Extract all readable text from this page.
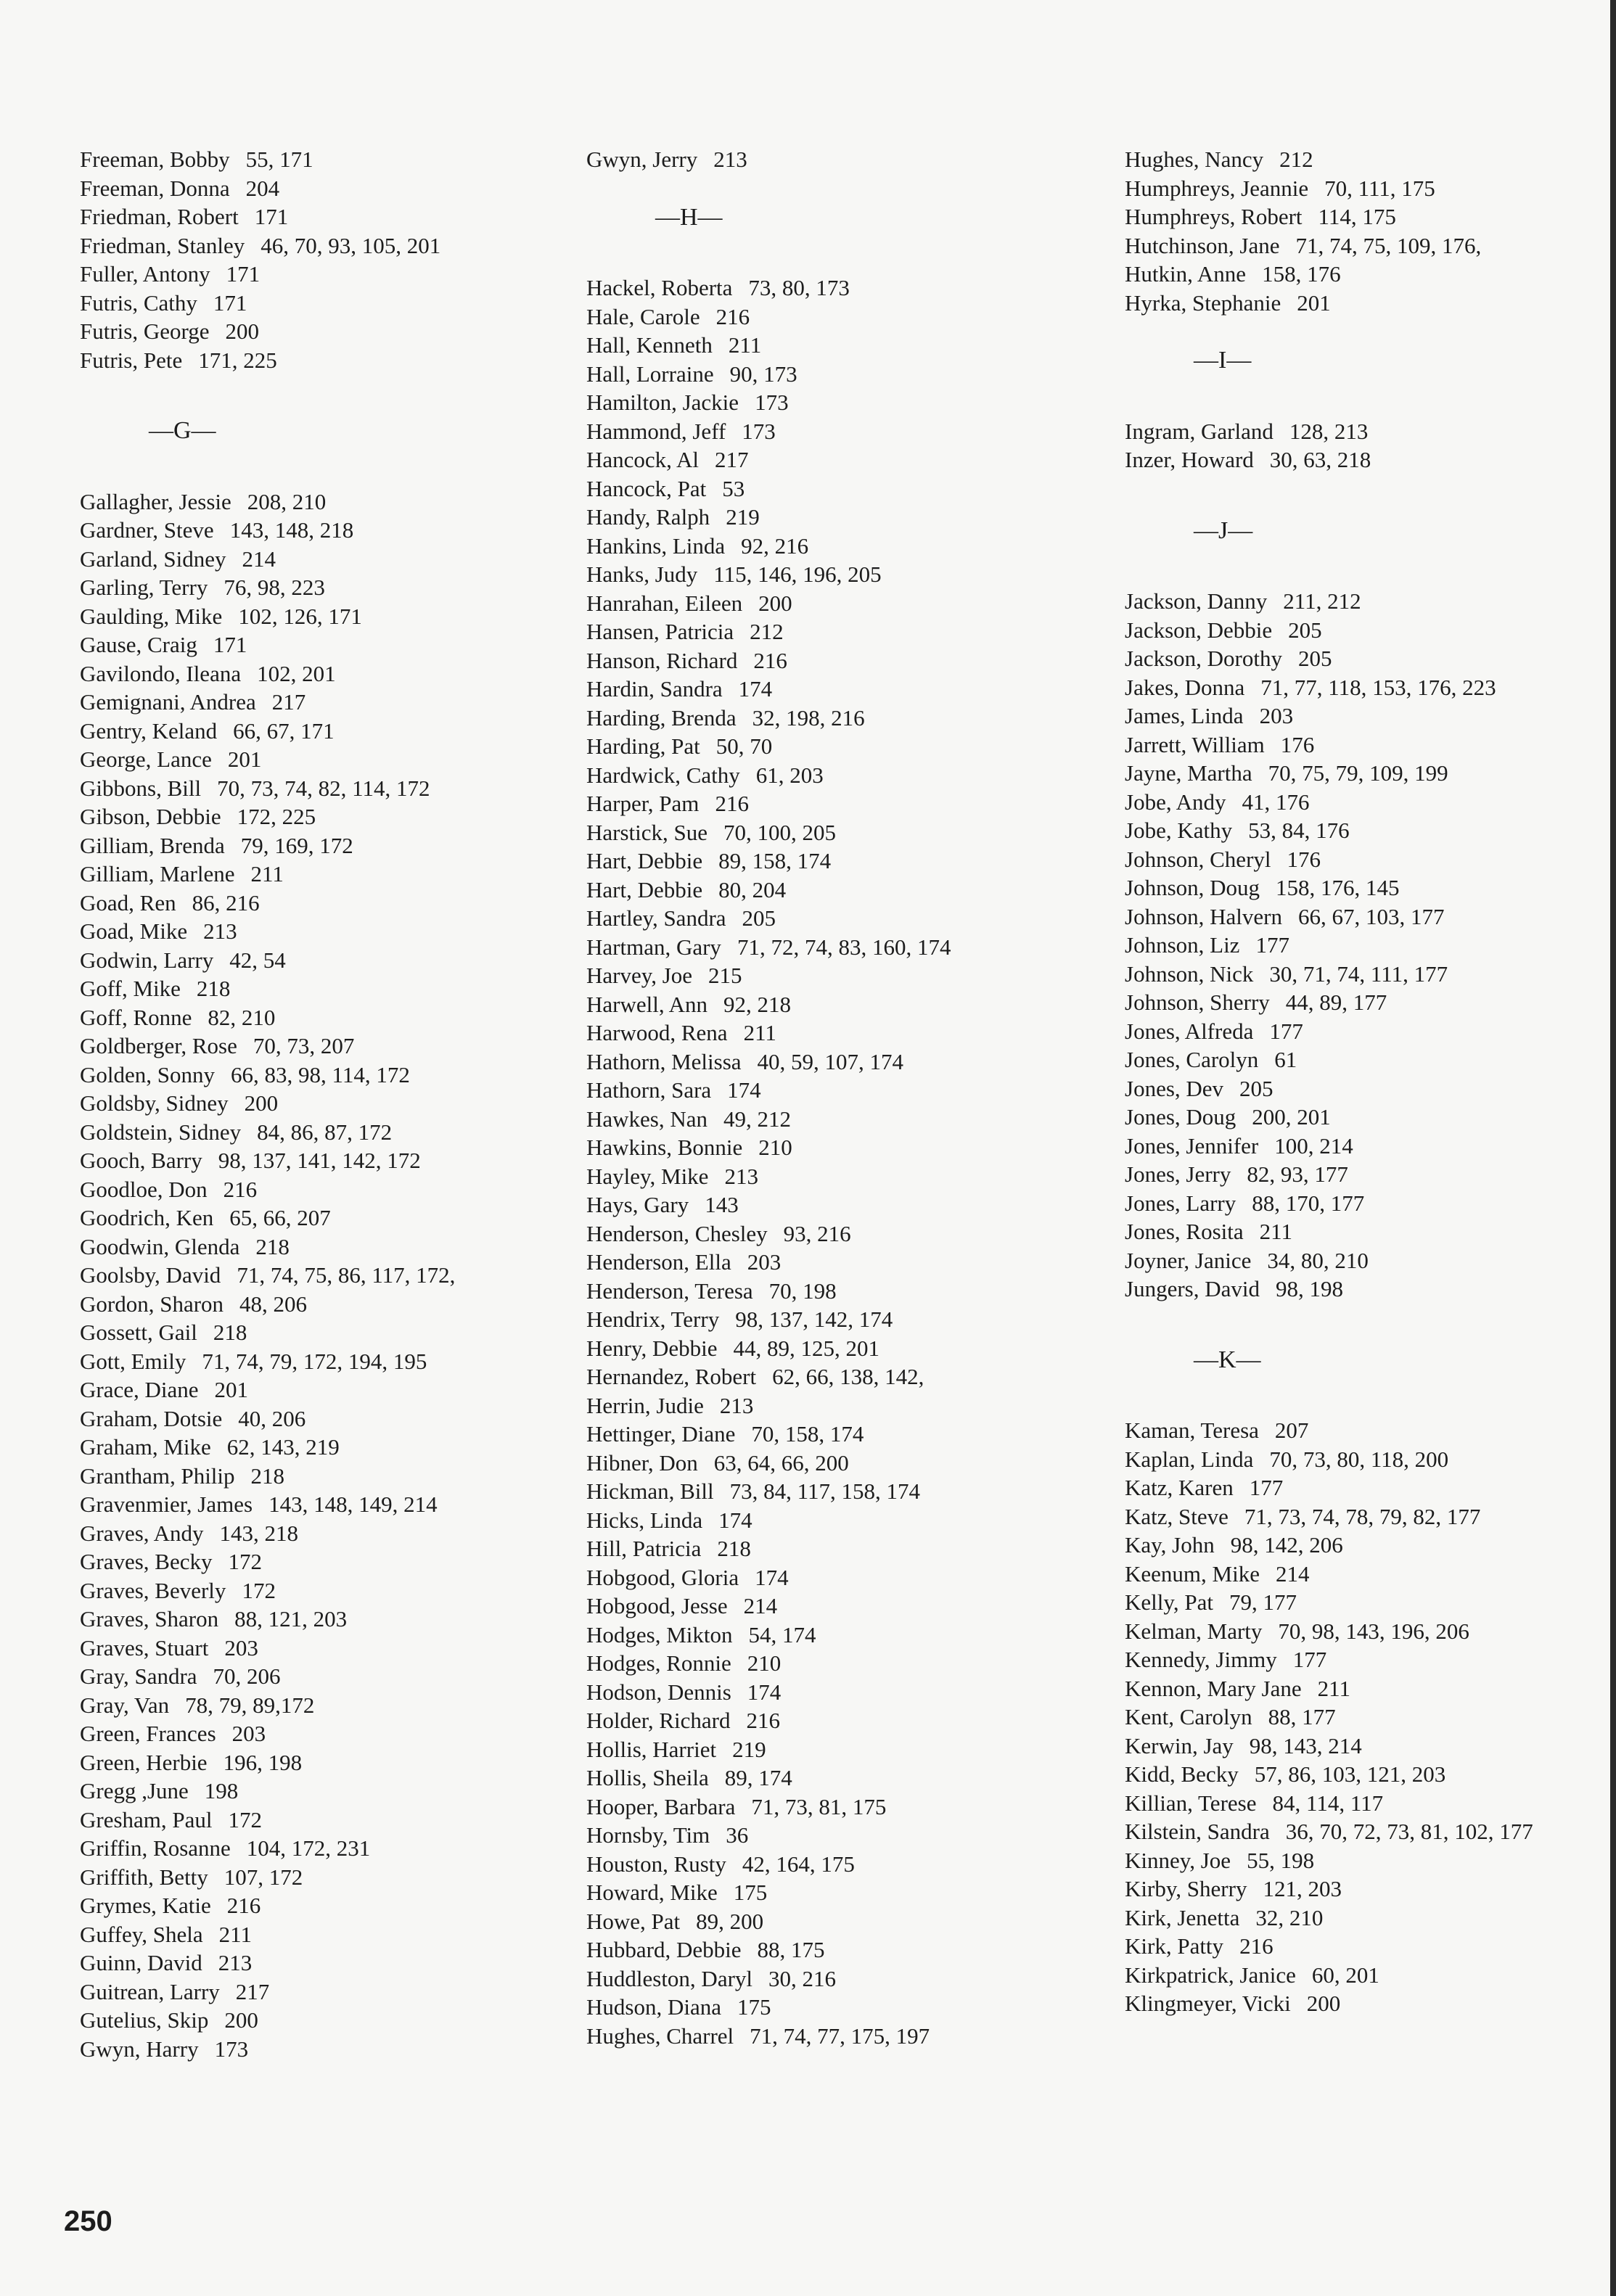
Freeman, Bobby 55, 171
Freeman, Donna 204
Friedman, Robert 171
Friedman, Stanley 46, 70, 93, 105, 201
Fuller, Antony 171
Futris, Cathy 171
Futris, George 200
Futris, Pete 171, 225
—G—
Gallagher, Jessie 208, 210
Gardner, Steve 143, 148, 218
Garland, Sidney 214
Garling, Terry 76, 98, 223
Gaulding, Mike 102, 126, 171
Gause, Craig 171
Gavilondo, Ileana 102, 201
Gemignani, Andrea 217
Gentry, Keland 66, 67, 171
George, Lance 201
Gibbons, Bill 70, 73, 74, 82, 114, 172
Gibson, Debbie 172, 225
Gilliam, Brenda 79, 169, 172
Gilliam, Marlene 211
Goad, Ren 86, 216
Goad, Mike 213
Godwin, Larry 42, 54
Goff, Mike 218
Goff, Ronne 82, 210
Goldberger, Rose 70, 73, 207
Golden, Sonny 66, 83, 98, 114, 172
Goldsby, Sidney 200
Goldstein, Sidney 84, 86, 87, 172
Gooch, Barry 98, 137, 141, 142, 172
Goodloe, Don 216
Goodrich, Ken 65, 66, 207
Goodwin, Glenda 218
Goolsby, David 71, 74, 75, 86, 117, 172,
Gordon, Sharon 48, 206
Gossett, Gail 218
Gott, Emily 71, 74, 79, 172, 194, 195
Grace, Diane 201
Graham, Dotsie 40, 206
Graham, Mike 62, 143, 219
Grantham, Philip 218
Gravenmier, James 143, 148, 149, 214
Graves, Andy 143, 218
Graves, Becky 172
Graves, Beverly 172
Graves, Sharon 88, 121, 203
Graves, Stuart 203
Gray, Sandra 70, 206
Gray, Van 78, 79, 89,172
Green, Frances 203
Green, Herbie 196, 198
Gregg ,June 198
Gresham, Paul 172
Griffin, Rosanne 104, 172, 231
Griffith, Betty 107, 172
Grymes, Katie 216
Guffey, Shela 211
Guinn, David 213
Guitrean, Larry 217
Gutelius, Skip 200
Gwyn, Harry 173
Gwyn, Jerry 213
—H—
Hackel, Roberta 73, 80, 173
Hale, Carole 216
Hall, Kenneth 211
Hall, Lorraine 90, 173
Hamilton, Jackie 173
Hammond, Jeff 173
Hancock, Al 217
Hancock, Pat 53
Handy, Ralph 219
Hankins, Linda 92, 216
Hanks, Judy 115, 146, 196, 205
Hanrahan, Eileen 200
Hansen, Patricia 212
Hanson, Richard 216
Hardin, Sandra 174
Harding, Brenda 32, 198, 216
Harding, Pat 50, 70
Hardwick, Cathy 61, 203
Harper, Pam 216
Harstick, Sue 70, 100, 205
Hart, Debbie 89, 158, 174
Hart, Debbie 80, 204
Hartley, Sandra 205
Hartman, Gary 71, 72, 74, 83, 160, 174
Harvey, Joe 215
Harwell, Ann 92, 218
Harwood, Rena 211
Hathorn, Melissa 40, 59, 107, 174
Hathorn, Sara 174
Hawkes, Nan 49, 212
Hawkins, Bonnie 210
Hayley, Mike 213
Hays, Gary 143
Henderson, Chesley 93, 216
Henderson, Ella 203
Henderson, Teresa 70, 198
Hendrix, Terry 98, 137, 142, 174
Henry, Debbie 44, 89, 125, 201
Hernandez, Robert 62, 66, 138, 142,
Herrin, Judie 213
Hettinger, Diane 70, 158, 174
Hibner, Don 63, 64, 66, 200
Hickman, Bill 73, 84, 117, 158, 174
Hicks, Linda 174
Hill, Patricia 218
Hobgood, Gloria 174
Hobgood, Jesse 214
Hodges, Mikton 54, 174
Hodges, Ronnie 210
Hodson, Dennis 174
Holder, Richard 216
Hollis, Harriet 219
Hollis, Sheila 89, 174
Hooper, Barbara 71, 73, 81, 175
Hornsby, Tim 36
Houston, Rusty 42, 164, 175
Howard, Mike 175
Howe, Pat 89, 200
Hubbard, Debbie 88, 175
Huddleston, Daryl 30, 216
Hudson, Diana 175
Hughes, Charrel 71, 74, 77, 175, 197
Hughes, Nancy 212
Humphreys, Jeannie 70, 111, 175
Humphreys, Robert 114, 175
Hutchinson, Jane 71, 74, 75, 109, 176,
Hutkin, Anne 158, 176
Hyrka, Stephanie 201
—I—
Ingram, Garland 128, 213
Inzer, Howard 30, 63, 218
—J—
Jackson, Danny 211, 212
Jackson, Debbie 205
Jackson, Dorothy 205
Jakes, Donna 71, 77, 118, 153, 176, 223
James, Linda 203
Jarrett, William 176
Jayne, Martha 70, 75, 79, 109, 199
Jobe, Andy 41, 176
Jobe, Kathy 53, 84, 176
Johnson, Cheryl 176
Johnson, Doug 158, 176, 145
Johnson, Halvern 66, 67, 103, 177
Johnson, Liz 177
Johnson, Nick 30, 71, 74, 111, 177
Johnson, Sherry 44, 89, 177
Jones, Alfreda 177
Jones, Carolyn 61
Jones, Dev 205
Jones, Doug 200, 201
Jones, Jennifer 100, 214
Jones, Jerry 82, 93, 177
Jones, Larry 88, 170, 177
Jones, Rosita 211
Joyner, Janice 34, 80, 210
Jungers, David 98, 198
—K—
Kaman, Teresa 207
Kaplan, Linda 70, 73, 80, 118, 200
Katz, Karen 177
Katz, Steve 71, 73, 74, 78, 79, 82, 177
Kay, John 98, 142, 206
Keenum, Mike 214
Kelly, Pat 79, 177
Kelman, Marty 70, 98, 143, 196, 206
Kennedy, Jimmy 177
Kennon, Mary Jane 211
Kent, Carolyn 88, 177
Kerwin, Jay 98, 143, 214
Kidd, Becky 57, 86, 103, 121, 203
Killian, Terese 84, 114, 117
Kilstein, Sandra 36, 70, 72, 73, 81, 102, 177
Kinney, Joe 55, 198
Kirby, Sherry 121, 203
Kirk, Jenetta 32, 210
Kirk, Patty 216
Kirkpatrick, Janice 60, 201
Klingmeyer, Vicki 200
250
